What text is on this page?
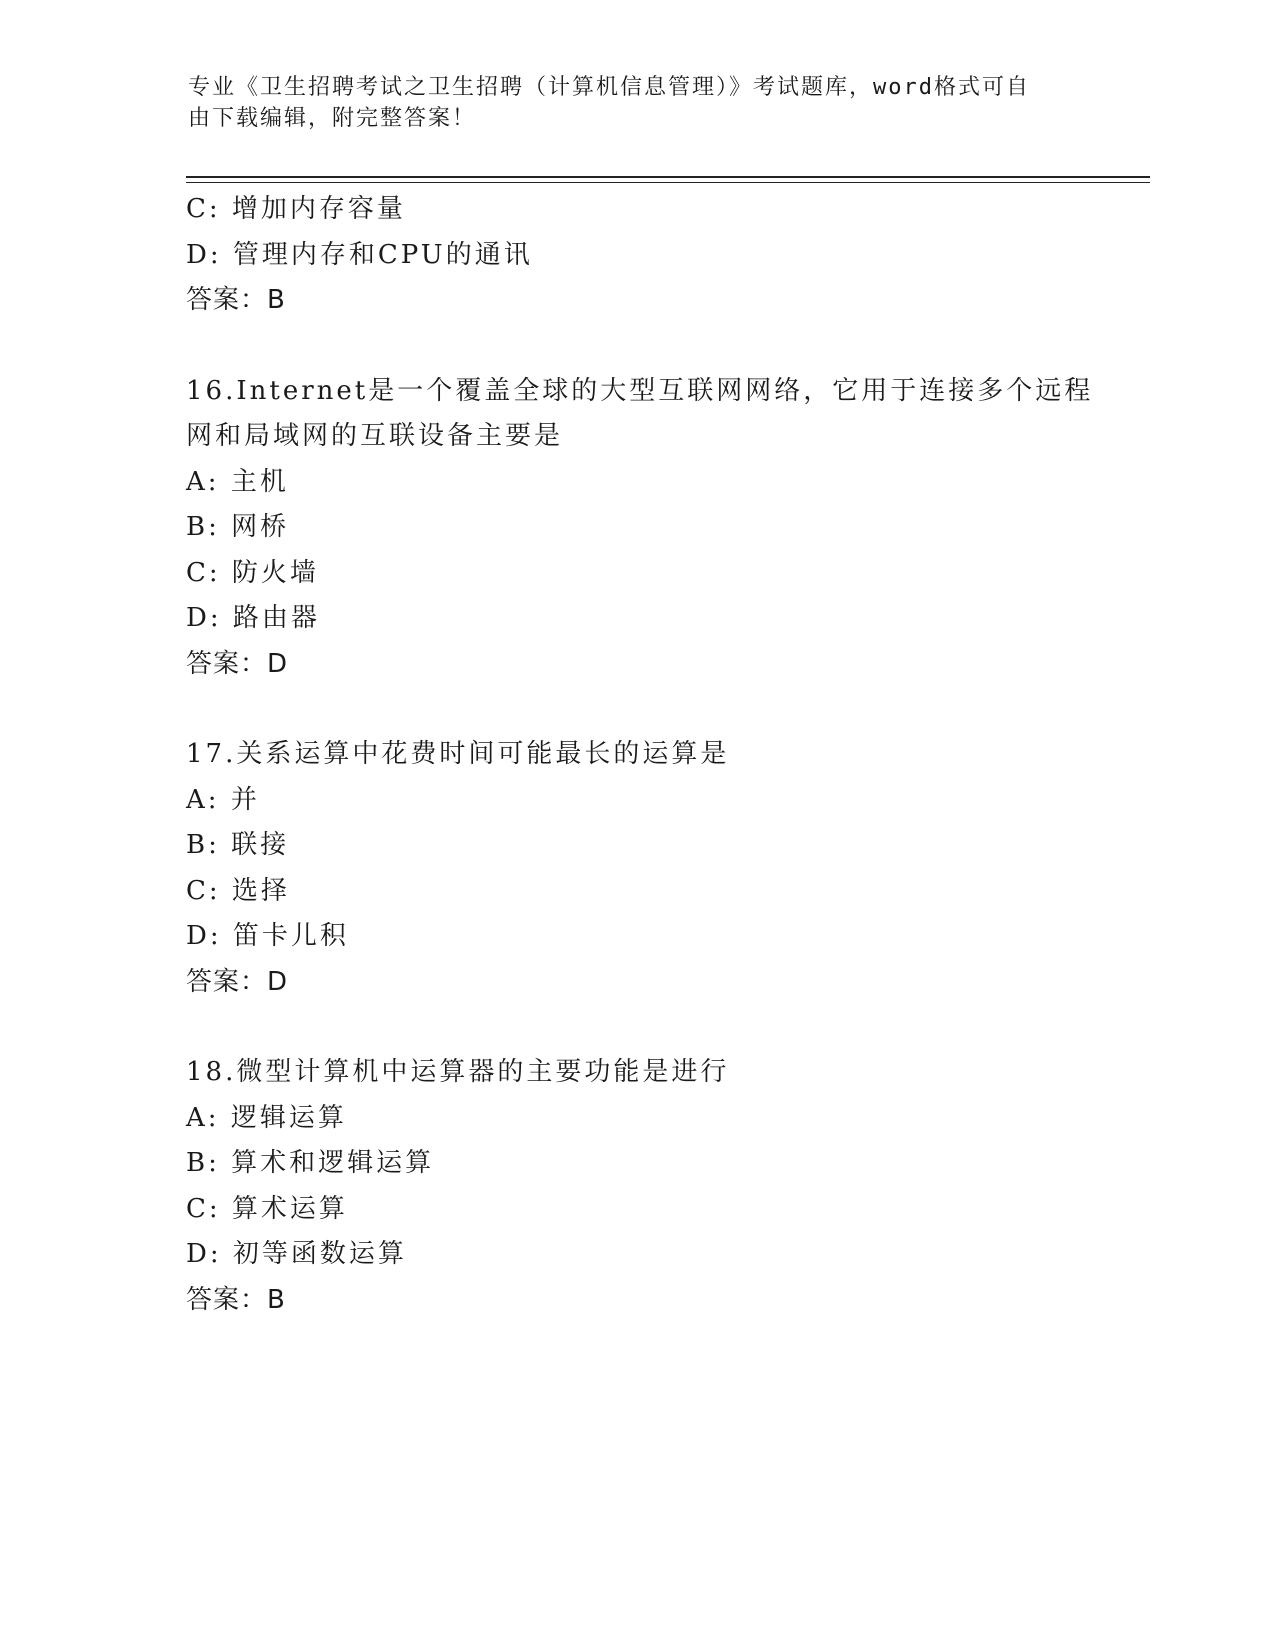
专业《卫生招聘考试之卫生招聘（计算机信息管理）》考试题库，word格式可自
由下载编辑，附完整答案！
C: 增加内存容量
D: 管理内存和CPU的通讯
答案：B
16.Internet是一个覆盖全球的大型互联网网络，它用于连接多个远程
网和局域网的互联设备主要是
A: 主机
B: 网桥
C: 防火墙
D: 路由器
答案：D
17.关系运算中花费时间可能最长的运算是
A: 并
B: 联接
C: 选择
D: 笛卡儿积
答案：D
18.微型计算机中运算器的主要功能是进行
A: 逻辑运算
B: 算术和逻辑运算
C: 算术运算
D: 初等函数运算
答案：B
